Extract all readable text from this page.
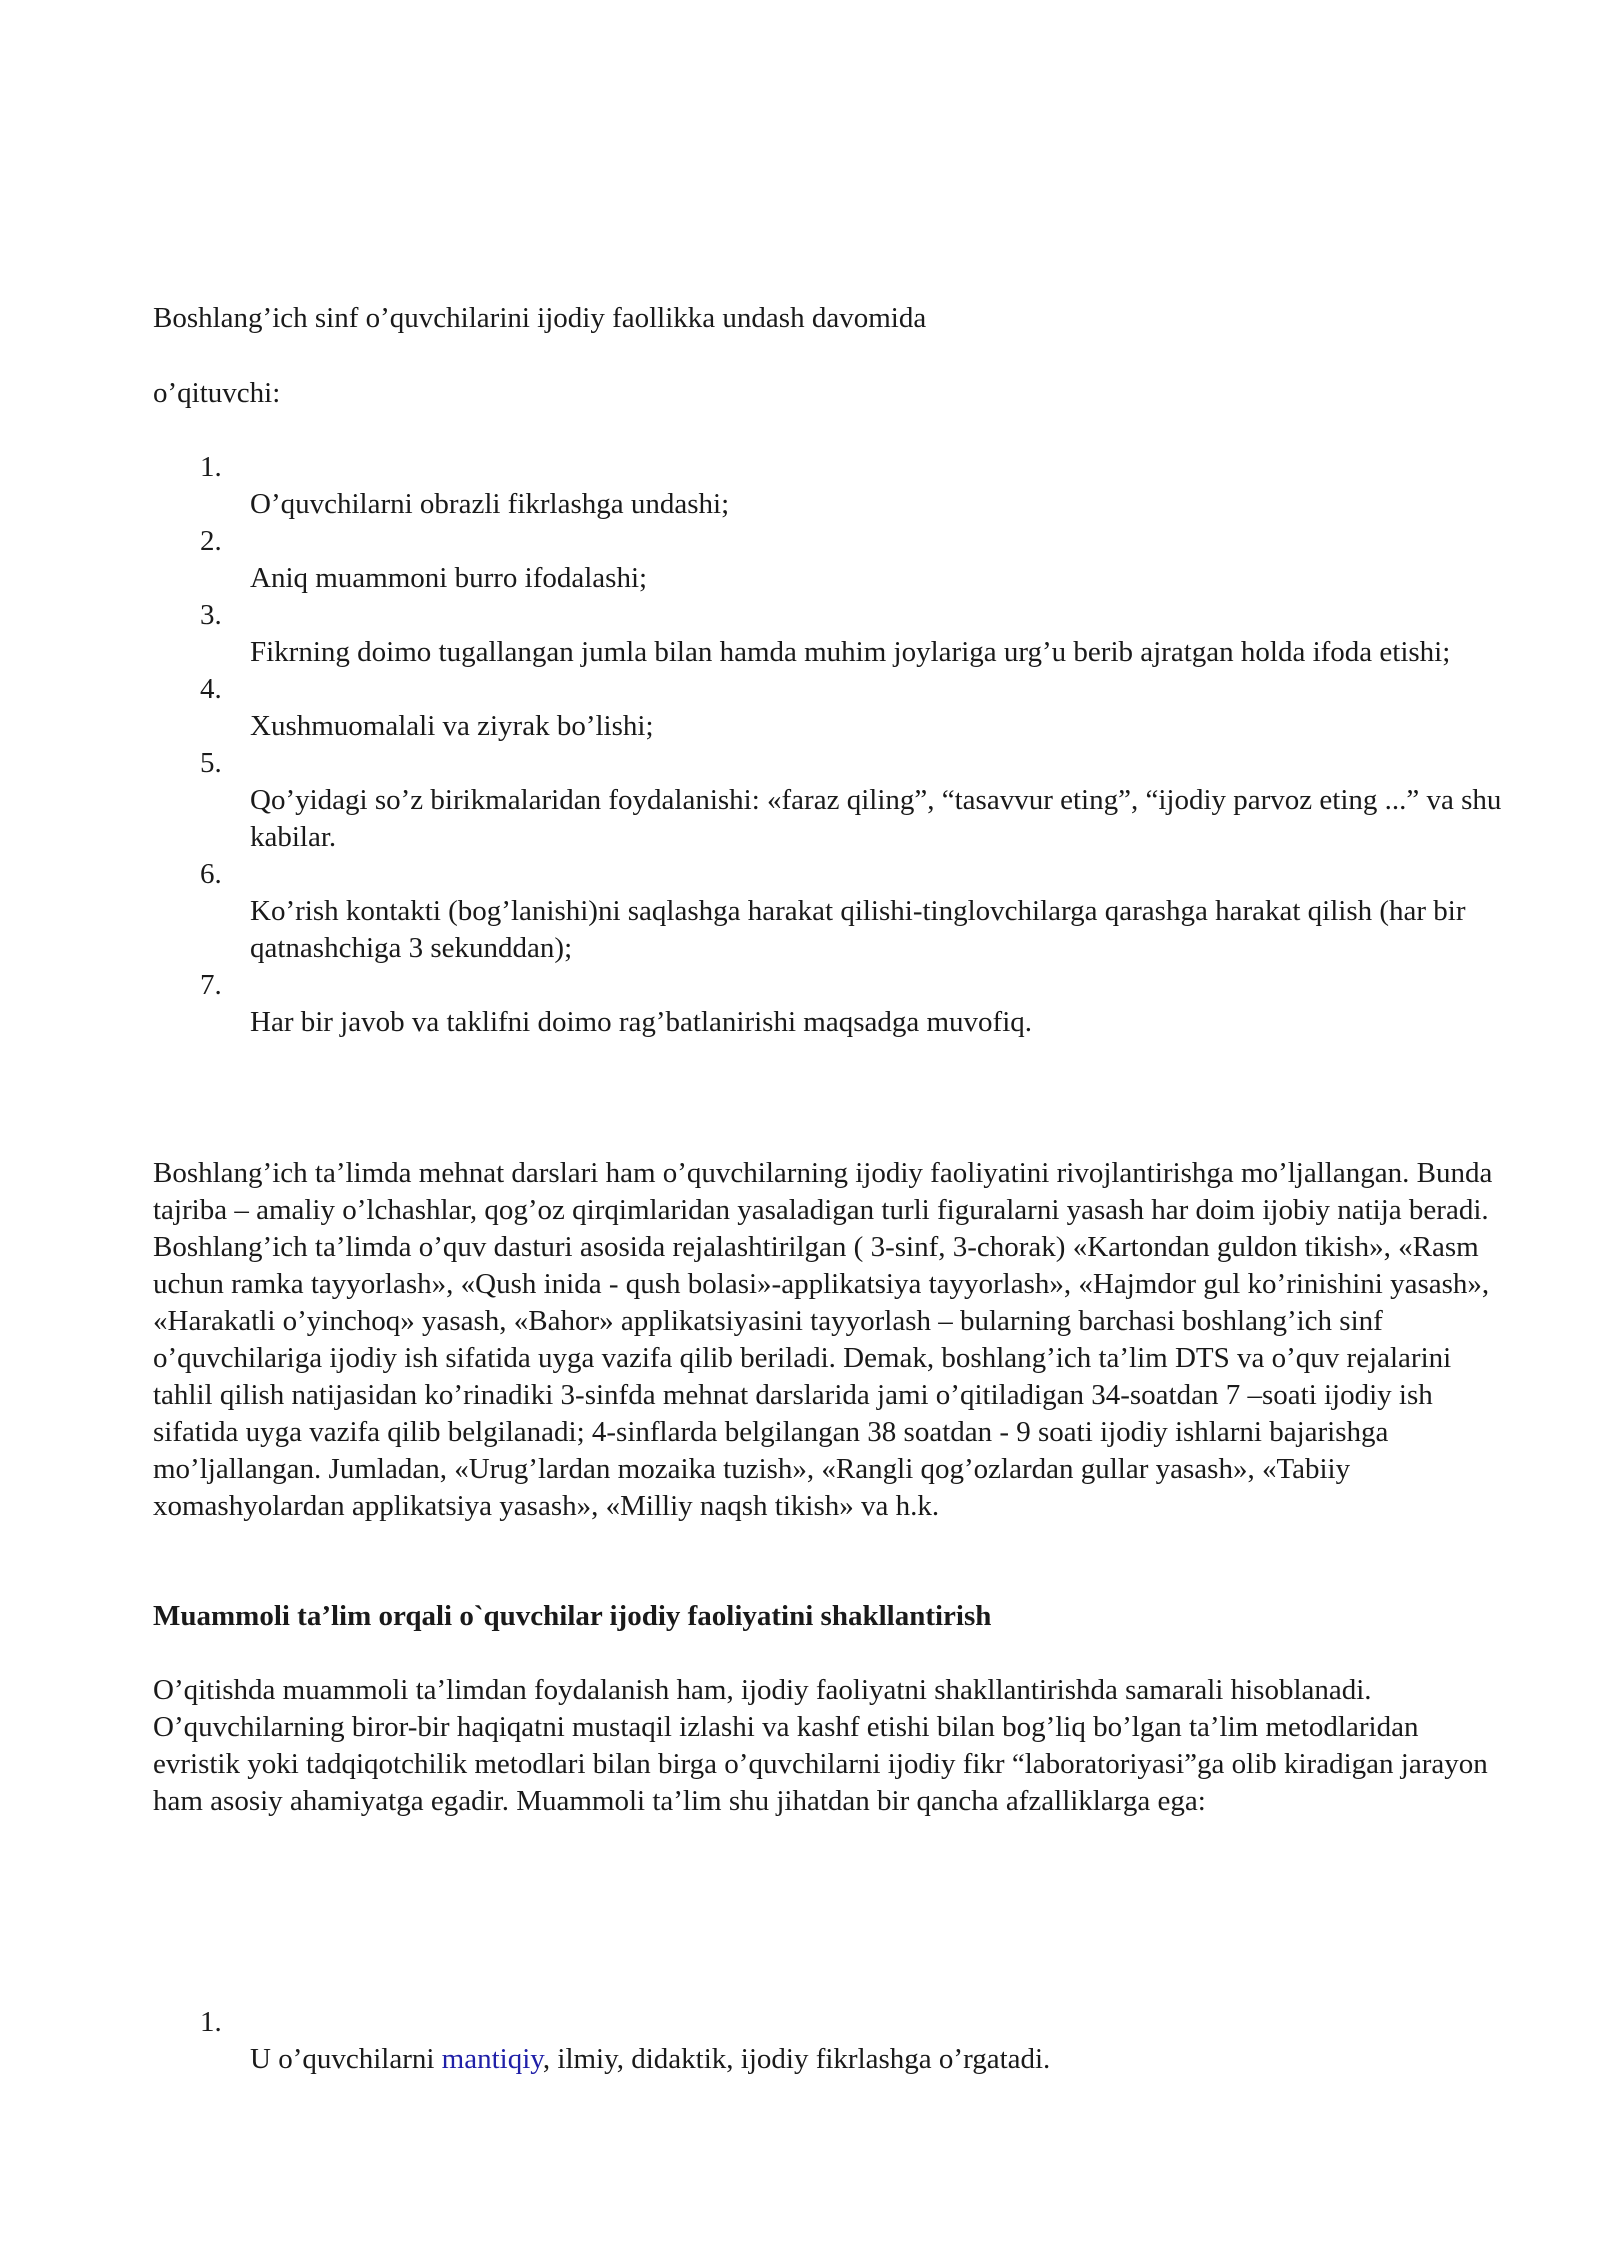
Boshlang’ich sinf o’quvchilarini ijodiy faollikka undash davomida

o’qituvchi:

1.
O’quvchilarni obrazli fikrlashga undashi;
2.
Aniq muammoni burro ifodalashi;
3.
Fikrning doimo tugallangan jumla bilan hamda muhim joylariga urg’u berib ajratgan holda ifoda etishi;
4.
Xushmuomalali va ziyrak bo’lishi;
5.
Qo’yidagi so’z birikmalaridan foydalanishi: «faraz qiling”, “tasavvur eting”, “ijodiy parvoz eting ...” va shu kabilar.
6.
Ko’rish kontakti (bog’lanishi)ni saqlashga harakat qilishi-tinglovchilarga qarashga harakat qilish (har bir qatnashchiga 3 sekunddan);
7.
Har bir javob va taklifni doimo rag’batlanirishi maqsadga muvofiq.

Boshlang’ich ta’limda mehnat darslari ham o’quvchilarning ijodiy faoliyatini rivojlantirishga mo’ljallangan. Bunda tajriba – amaliy o’lchashlar, qog’oz qirqimlaridan yasaladigan turli figuralarni yasash har doim ijobiy natija beradi. Boshlang’ich ta’limda o’quv dasturi asosida rejalashtirilgan ( 3-sinf, 3-chorak) «Kartondan guldon tikish», «Rasm uchun ramka tayyorlash», «Qush inida - qush bolasi»-applikatsiya tayyorlash», «Hajmdor gul ko’rinishini yasash», «Harakatli o’yinchoq» yasash, «Bahor» applikatsiyasini tayyorlash – bularning barchasi boshlang’ich sinf o’quvchilariga ijodiy ish sifatida uyga vazifa qilib beriladi. Demak, boshlang’ich ta’lim DTS va o’quv rejalarini tahlil qilish natijasidan ko’rinadiki 3-sinfda mehnat darslarida jami o’qitiladigan 34-soatdan 7 –soati ijodiy ish sifatida uyga vazifa qilib belgilanadi; 4-sinflarda belgilangan 38 soatdan - 9 soati ijodiy ishlarni bajarishga mo’ljallangan. Jumladan, «Urug’lardan mozaika tuzish», «Rangli qog’ozlardan gullar yasash», «Tabiiy xomashyolardan applikatsiya yasash», «Milliy naqsh tikish» va h.k.

Muammoli ta’lim orqali o`quvchilar ijodiy faoliyatini shakllantirish

O’qitishda muammoli ta’limdan foydalanish ham, ijodiy faoliyatni shakllantirishda samarali hisoblanadi. O’quvchilarning biror-bir haqiqatni mustaqil izlashi va kashf etishi bilan bog’liq bo’lgan ta’lim metodlaridan evristik yoki tadqiqotchilik metodlari bilan birga o’quvchilarni ijodiy fikr “laboratoriyasi”ga olib kiradigan jarayon ham asosiy ahamiyatga egadir. Muammoli ta’lim shu jihatdan bir qancha afzalliklarga ega:

1.
U o’quvchilarni mantiqiy, ilmiy, didaktik, ijodiy fikrlashga o’rgatadi.
